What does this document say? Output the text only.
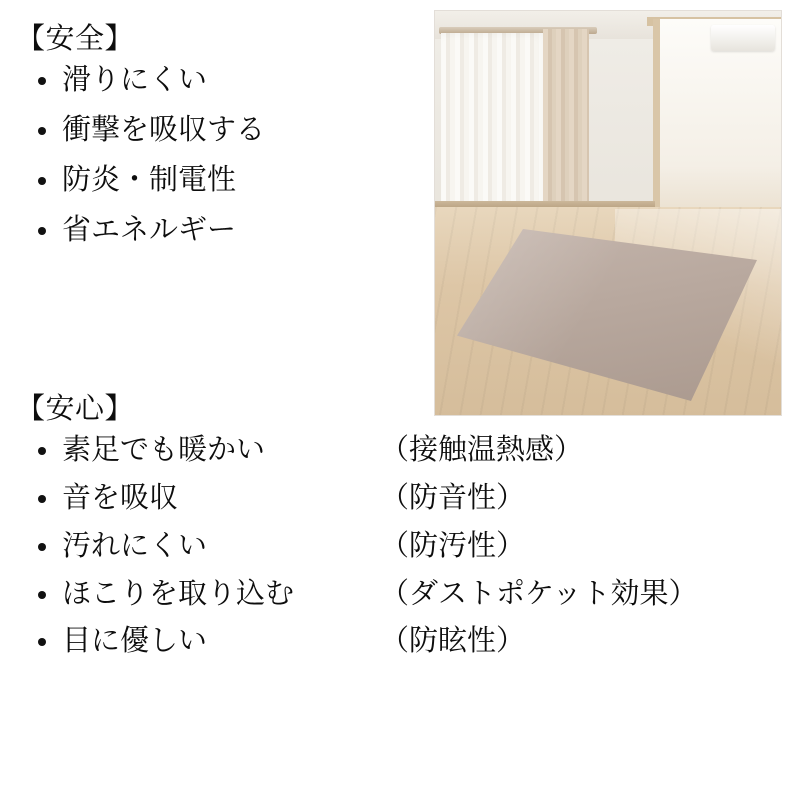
【安全】

滑りにくい
衝撃を吸収する
防炎・制電性
省エネルギー

【安心】

素足でも暖かい	（接触温熱感）
音を吸収	（防音性）
汚れにくい	（防汚性）
ほこりを取り込む	（ダストポケット効果）
目に優しい	（防眩性）
